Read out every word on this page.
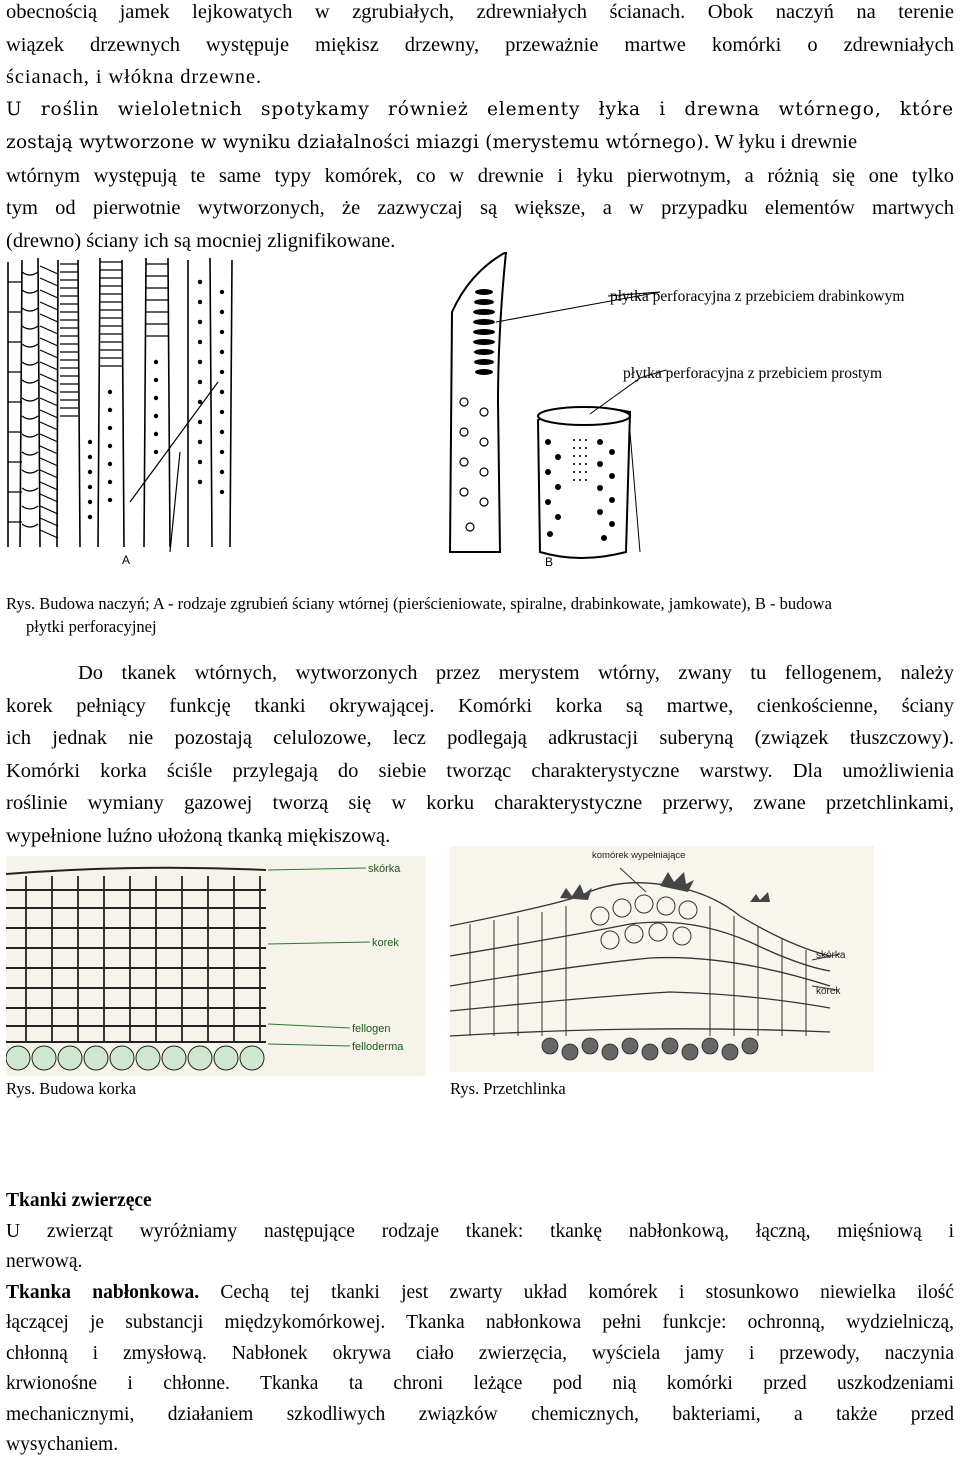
obecnością jamek lejkowatych w zgrubiałych, zdrewniałych ścianach. Obok naczyń na terenie
wiązek drzewnych występuje miękisz drzewny, przeważnie martwe komórki o zdrewniałych
ścianach, i włókna drzewne.
U roślin wieloletnich spotykamy również elementy łyka i drewna wtórnego, które
zostają wytworzone w wyniku działalności miazgi (merystemu wtórnego). W łyku i drewnie
wtórnym występują te same typy komórek, co w drewnie i łyku pierwotnym, a różnią się one tylko
tym od pierwotnie wytworzonych, że zazwyczaj są większe, a w przypadku elementów martwych
(drewno) ściany ich są mocniej zlignifikowane.
A	B
płytka perforacyjna z przebiciem drabinkowym
płytka perforacyjna z przebiciem prostym
Rys. Budowa naczyń; A - rodzaje zgrubień ściany wtórnej (pierścieniowate, spiralne, drabinkowate, jamkowate), B - budowa
płytki perforacyjnej
Do tkanek wtórnych, wytworzonych przez merystem wtórny, zwany tu fellogenem, należy
korek pełniący funkcję tkanki okrywającej. Komórki korka są martwe, cienkościenne, ściany
ich jednak nie pozostają celulozowe, lecz podlegają adkrustacji suberyną (związek tłuszczowy).
Komórki korka ściśle przylegają do siebie tworząc charakterystyczne warstwy. Dla umożliwienia
roślinie wymiany gazowej tworzą się w korku charakterystyczne przerwy, zwane przetchlinkami,
wypełnione luźno ułożoną tkanką miękiszową.
skórka
korek
fellogen
felloderma
komórek wypełniające
skórka
korek
Rys. Budowa korka	Rys. Przetchlinka
Tkanki zwierzęce
U zwierząt wyróżniamy następujące rodzaje tkanek: tkankę nabłonkową, łączną, mięśniową i
nerwową.
Tkanka nabłonkowa. Cechą tej tkanki jest zwarty układ komórek i stosunkowo niewielka ilość
łączącej je substancji międzykomórkowej. Tkanka nabłonkowa pełni funkcje: ochronną, wydzielniczą,
chłonną i zmysłową. Nabłonek okrywa ciało zwierzęcia, wyściela jamy i przewody, naczynia
krwionośne i chłonne. Tkanka ta chroni leżące pod nią komórki przed uszkodzeniami
mechanicznymi, działaniem szkodliwych związków chemicznych, bakteriami, a także przed
wysychaniem.
